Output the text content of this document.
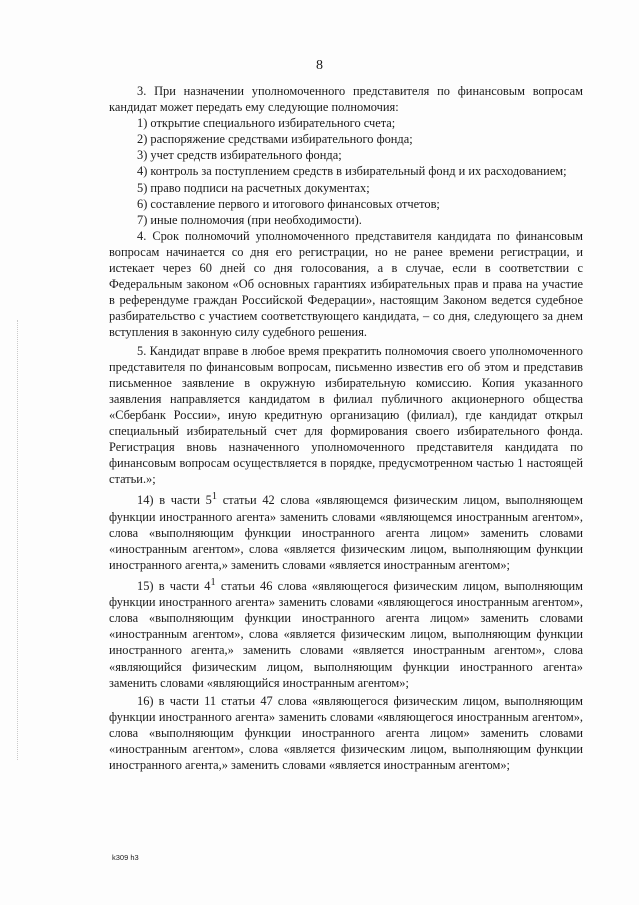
8

3. При назначении уполномоченного представителя по финансовым вопросам кандидат может передать ему следующие полномочия:

1) открытие специального избирательного счета;

2) распоряжение средствами избирательного фонда;

3) учет средств избирательного фонда;

4) контроль за поступлением средств в избирательный фонд и их расходованием;

5) право подписи на расчетных документах;

6) составление первого и итогового финансовых отчетов;

7) иные полномочия (при необходимости).

4. Срок полномочий уполномоченного представителя кандидата по финансовым вопросам начинается со дня его регистрации, но не ранее времени регистрации, и истекает через 60 дней со дня голосования, а в случае, если в соответствии с Федеральным законом «Об основных гарантиях избирательных прав и права на участие в референдуме граждан Российской Федерации», настоящим Законом ведется судебное разбирательство с участием соответствующего кандидата, – со дня, следующего за днем вступления в законную силу судебного решения.

5. Кандидат вправе в любое время прекратить полномочия своего уполномоченного представителя по финансовым вопросам, письменно известив его об этом и представив письменное заявление в окружную избирательную комиссию. Копия указанного заявления направляется кандидатом в филиал публичного акционерного общества «Сбербанк России», иную кредитную организацию (филиал), где кандидат открыл специальный избирательный счет для формирования своего избирательного фонда. Регистрация вновь назначенного уполномоченного представителя кандидата по финансовым вопросам осуществляется в порядке, предусмотренном частью 1 настоящей статьи.»;

14) в части $5^1$ статьи 42 слова «являющемся физическим лицом, выполняющем функции иностранного агента» заменить словами «являющемся иностранным агентом», слова «выполняющим функции иностранного агента лицом» заменить словами «иностранным агентом», слова «является физическим лицом, выполняющим функции иностранного агента,» заменить словами «является иностранным агентом»;

15) в части $4^1$ статьи 46 слова «являющегося физическим лицом, выполняющим функции иностранного агента» заменить словами «являющегося иностранным агентом», слова «выполняющим функции иностранного агента лицом» заменить словами «иностранным агентом», слова «является физическим лицом, выполняющим функции иностранного агента,» заменить словами «является иностранным агентом», слова «являющийся физическим лицом, выполняющим функции иностранного агента» заменить словами «являющийся иностранным агентом»;

16) в части 11 статьи 47 слова «являющегося физическим лицом, выполняющим функции иностранного агента» заменить словами «являющегося иностранным агентом», слова «выполняющим функции иностранного агента лицом» заменить словами «иностранным агентом», слова «является физическим лицом, выполняющим функции иностранного агента,» заменить словами «является иностранным агентом»;

k309 h3
